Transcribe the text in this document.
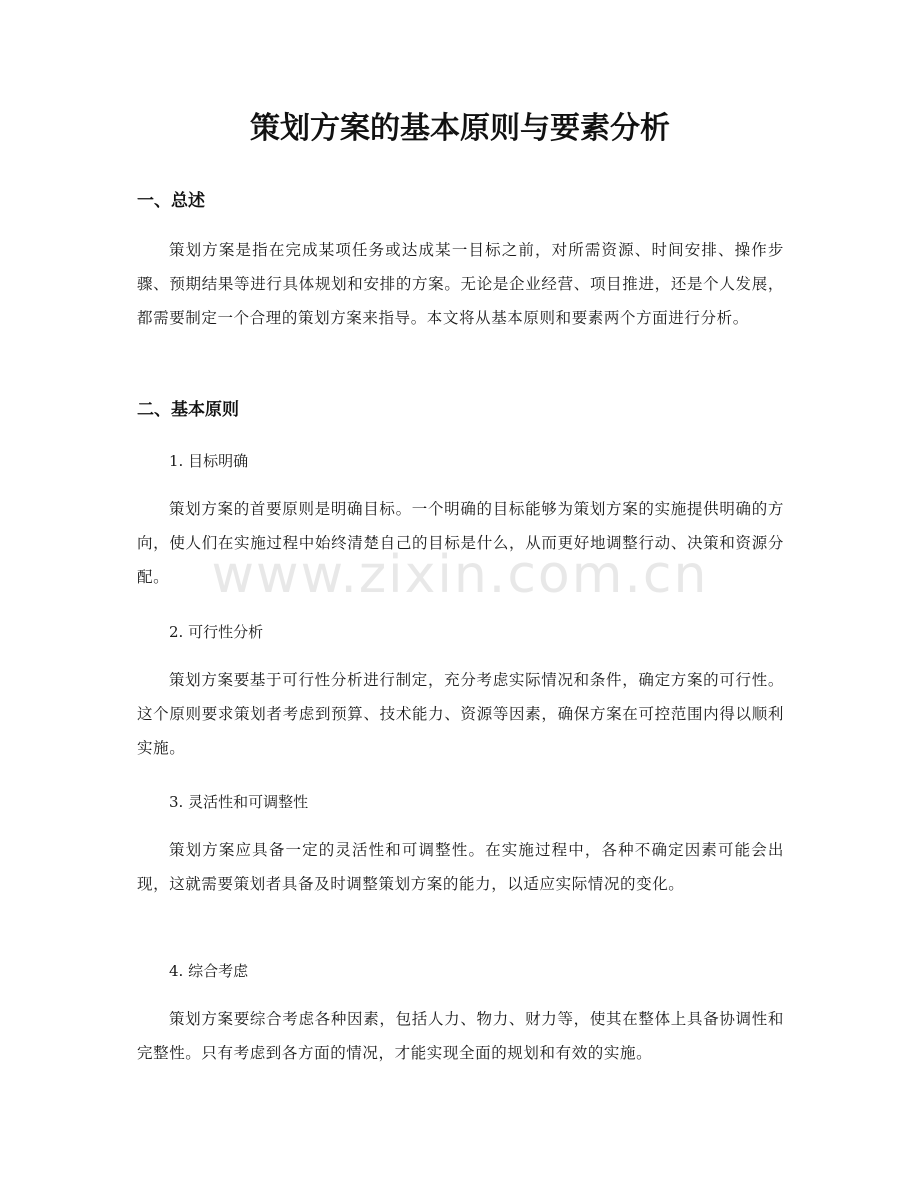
策划方案的基本原则与要素分析
一、总述

策划方案是指在完成某项任务或达成某一目标之前，对所需资源、时间安排、操作步骤、预期结果等进行具体规划和安排的方案。无论是企业经营、项目推进，还是个人发展，都需要制定一个合理的策划方案来指导。本文将从基本原则和要素两个方面进行分析。

二、基本原则
1. 目标明确

策划方案的首要原则是明确目标。一个明确的目标能够为策划方案的实施提供明确的方向，使人们在实施过程中始终清楚自己的目标是什么，从而更好地调整行动、决策和资源分配。

2. 可行性分析

策划方案要基于可行性分析进行制定，充分考虑实际情况和条件，确定方案的可行性。这个原则要求策划者考虑到预算、技术能力、资源等因素，确保方案在可控范围内得以顺利实施。

3. 灵活性和可调整性

策划方案应具备一定的灵活性和可调整性。在实施过程中，各种不确定因素可能会出现，这就需要策划者具备及时调整策划方案的能力，以适应实际情况的变化。

4. 综合考虑

策划方案要综合考虑各种因素，包括人力、物力、财力等，使其在整体上具备协调性和完整性。只有考虑到各方面的情况，才能实现全面的规划和有效的实施。

www.zixin.com.cn
